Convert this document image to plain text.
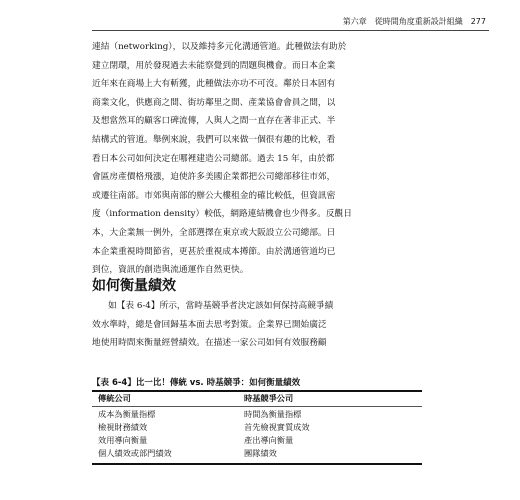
第六章　 從時間角度重新設計組織　 277

連結（networking），以及維持多元化溝通管道。此種做法有助於
建立閉環，用於發現過去未能察覺到的問題與機會。而日本企業
近年來在商場上大有斬獲，此種做法亦功不可沒。鄰於日本固有
商業文化，供應商之間、街坊鄰里之間、產業協會會員之間，以
及想當然耳的顧客口碑流傳，人與人之間一直存在著非正式、半
結構式的管道。舉例來說，我們可以來做一個很有趣的比較，看
看日本公司如何決定在哪裡建造公司總部。過去 15 年，由於都
會區房產價格飛漲，迫使許多美國企業都把公司總部移往市郊，
或遷往南部。市郊與南部的辦公大樓租金的確比較低，但資訊密
度（information density）較低，網路連結機會也少得多。反觀日
本，大企業無一例外，全部選擇在東京或大阪設立公司總部。日
本企業重視時間節省，更甚於重視成本撙節。由於溝通管道均已
到位，資訊的創造與流通運作自然更快。

如何衡量績效

如【表 6-4】所示，當時基競爭者決定該如何保持高競爭績
效水準時，總是會回歸基本面去思考對策。企業界已開始廣泛
地使用時間來衡量經營績效。在描述一家公司如何有效服務顧

【表 6-4】比一比！傳統 vs. 時基競爭：如何衡量績效
傳統公司	時基競爭公司
成本為衡量指標	時間為衡量指標
檢視財務績效	首先檢視實質成效
效用導向衡量	產出導向衡量
個人績效或部門績效	團隊績效
